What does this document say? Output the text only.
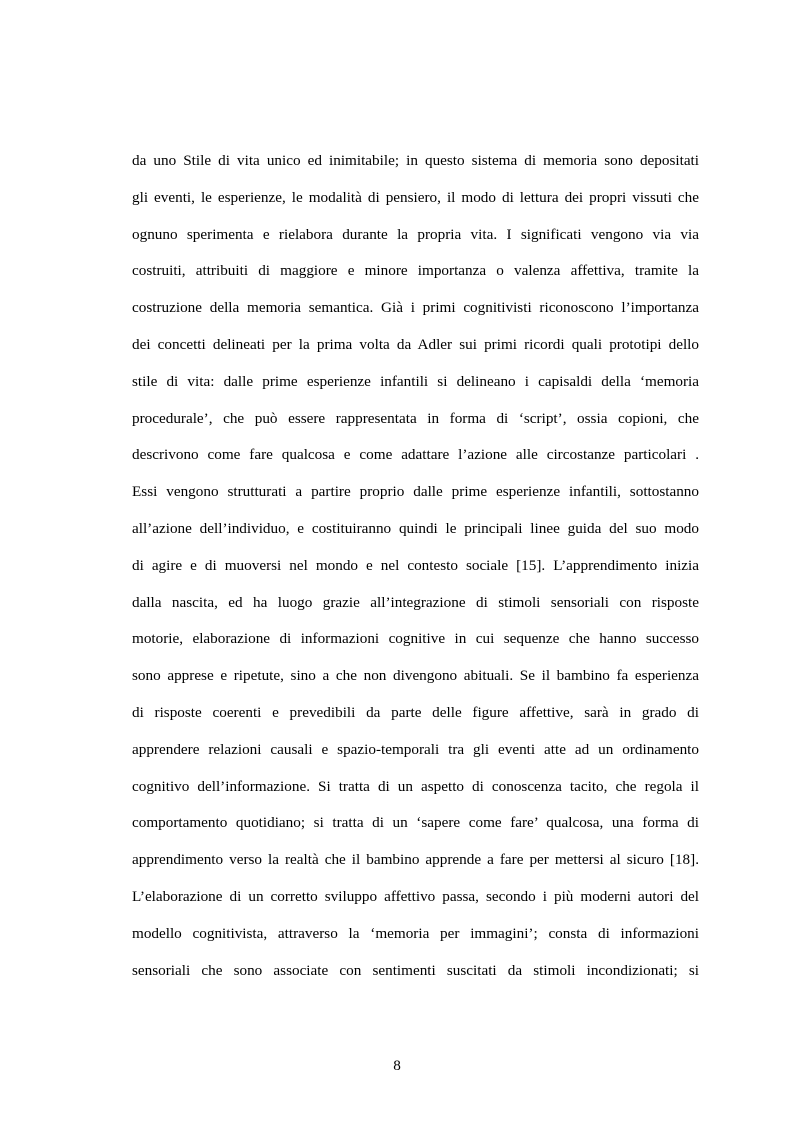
da uno Stile di vita unico ed inimitabile; in questo sistema di memoria sono depositati
gli eventi, le esperienze, le modalità di pensiero, il modo di lettura dei propri vissuti che
ognuno sperimenta e rielabora durante la propria vita. I significati vengono via via
costruiti, attribuiti di maggiore e minore importanza o valenza affettiva, tramite la
costruzione della memoria semantica. Già i primi cognitivisti riconoscono l’importanza
dei concetti delineati per la prima volta da Adler sui primi ricordi quali prototipi dello
stile di vita: dalle prime esperienze infantili si delineano i capisaldi della ‘memoria
procedurale’, che può essere rappresentata in forma di ‘script’, ossia copioni, che
descrivono come fare qualcosa e come adattare l’azione alle circostanze particolari .
Essi vengono strutturati a partire proprio dalle prime esperienze infantili, sottostanno
all’azione dell’individuo, e costituiranno quindi le principali linee guida del suo modo
di agire e di muoversi nel mondo e nel contesto sociale [15]. L’apprendimento inizia
dalla nascita, ed ha luogo grazie all’integrazione di stimoli sensoriali con risposte
motorie, elaborazione di informazioni cognitive in cui sequenze che hanno successo
sono apprese e ripetute, sino a che non divengono abituali. Se il bambino fa esperienza
di risposte coerenti e prevedibili da parte delle figure affettive, sarà in grado di
apprendere relazioni causali e spazio-temporali tra gli eventi atte ad un ordinamento
cognitivo dell’informazione. Si tratta di un aspetto di conoscenza tacito, che regola il
comportamento quotidiano; si tratta di un ‘sapere come fare’ qualcosa, una forma di
apprendimento verso la realtà che il bambino apprende a fare per mettersi al sicuro [18].
L’elaborazione di un corretto sviluppo affettivo passa, secondo i più moderni autori del
modello cognitivista, attraverso la ‘memoria per immagini’; consta di informazioni
sensoriali che sono associate con sentimenti suscitati da stimoli incondizionati; si
8
